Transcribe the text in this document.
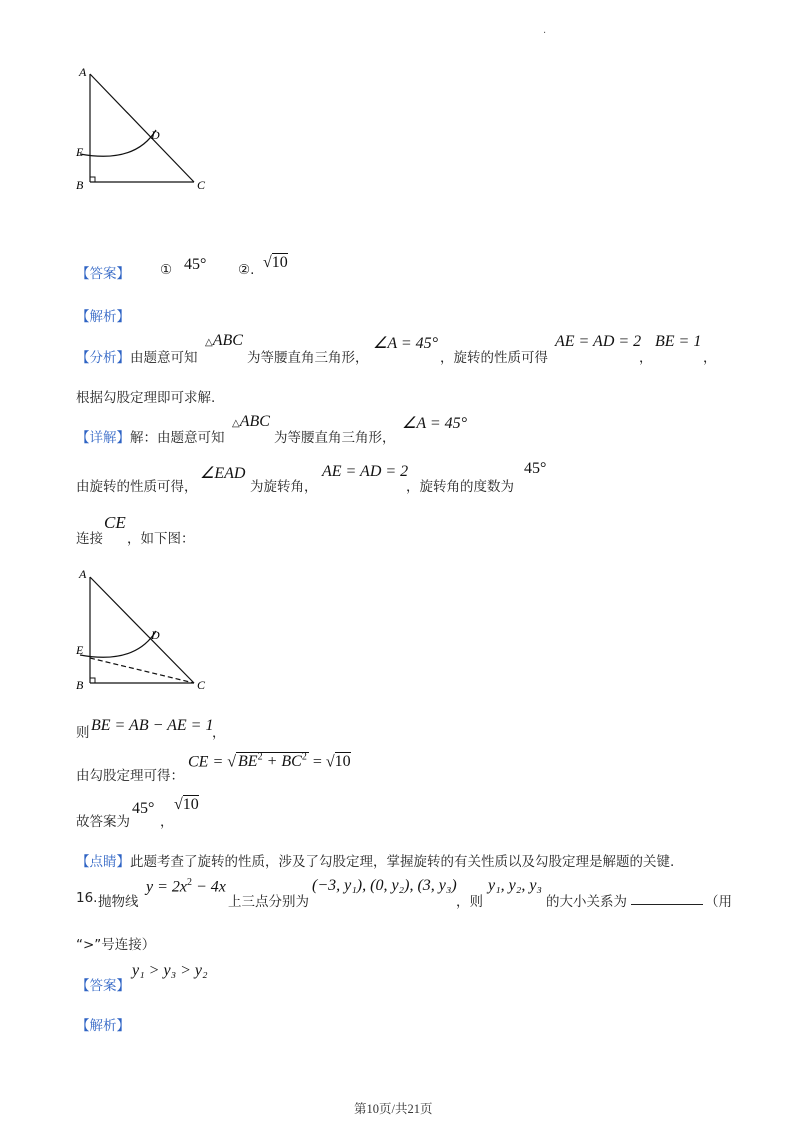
·
A
E
B	C
D
【答案】 ① 45° ②. √10
【解析】
【分析】由题意可知
△ABC
为等腰直角三角形，
∠A = 45°
，旋转的性质可得
AE = AD = 2
，
BE = 1
，
根据勾股定理即可求解.
【详解】解：由题意可知
△ABC
为等腰直角三角形，
∠A = 45°
由旋转的性质可得，
∠EAD
为旋转角，
AE = AD = 2
，旋转角的度数为
45°
连接
CE
，如下图：
A
E
B	C
D
则 BE = AB − AE = 1
，
由勾股定理可得：
CE = √ $BE^2 + BC^2 = √10$
故答案为
45°
，
√10
【点睛】此题考查了旋转的性质，涉及了勾股定理，掌握旋转的有关性质以及勾股定理是解题的关键.
16. 抛物线
$y = 2x^2 - 4x$
上三点分别为
(−3, y₁), (0, y₂), (3, y₃)
，则
y₁, y₂, y₃
的大小关系为	（用
“>”号连接）
【答案】
y₁ > y₃ > y₂
【解析】
第10页/共21页
